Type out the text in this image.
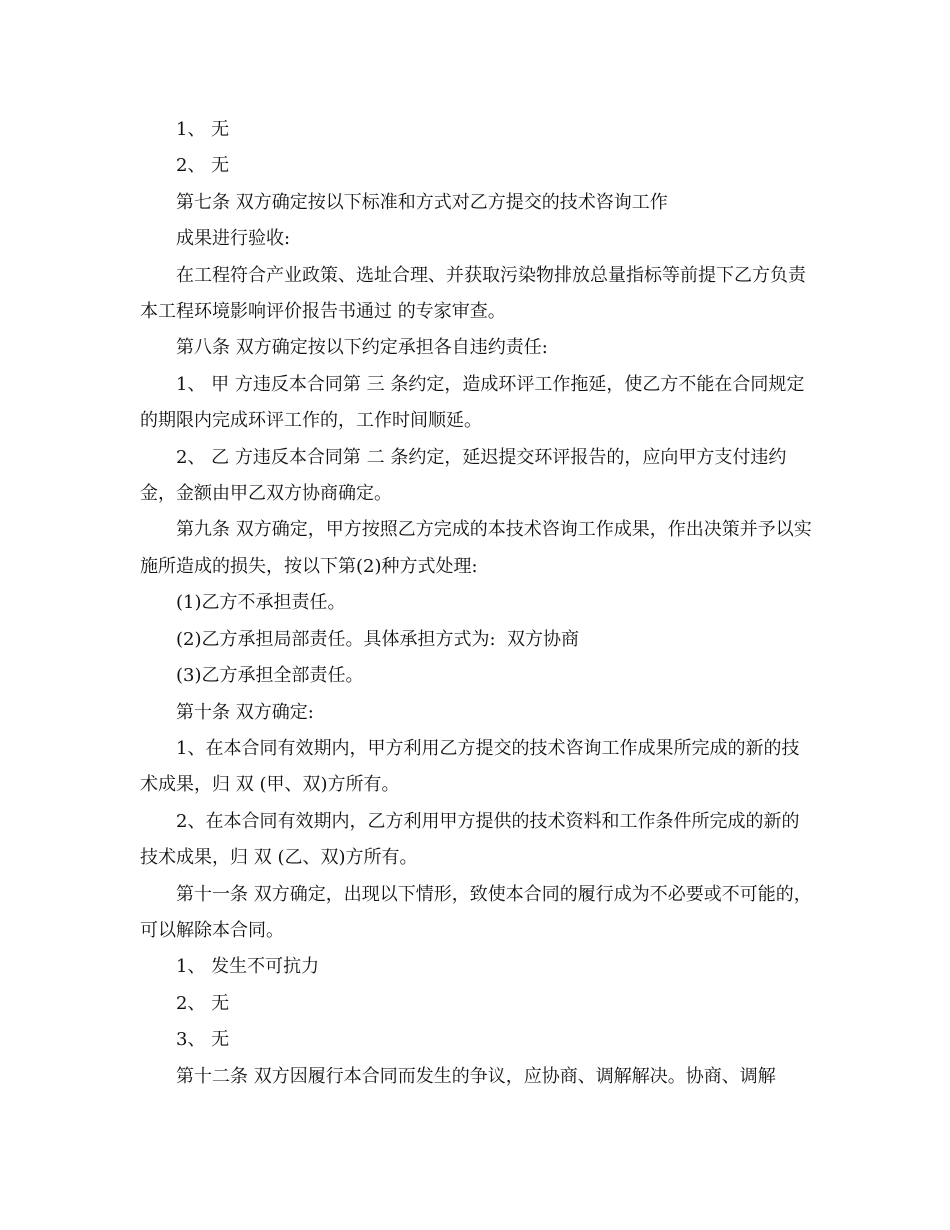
1、 无

2、 无

第七条 双方确定按以下标准和方式对乙方提交的技术咨询工作

成果进行验收:

在工程符合产业政策、选址合理、并获取污染物排放总量指标等前提下乙方负责本工程环境影响评价报告书通过 的专家审查。

第八条 双方确定按以下约定承担各自违约责任:

1、 甲 方违反本合同第 三 条约定，造成环评工作拖延，使乙方不能在合同规定的期限内完成环评工作的，工作时间顺延。

2、 乙 方违反本合同第 二 条约定，延迟提交环评报告的，应向甲方支付违约金，金额由甲乙双方协商确定。

第九条 双方确定，甲方按照乙方完成的本技术咨询工作成果，作出决策并予以实施所造成的损失，按以下第(2)种方式处理:

(1)乙方不承担责任。

(2)乙方承担局部责任。具体承担方式为:  双方协商

(3)乙方承担全部责任。

第十条 双方确定:

1、在本合同有效期内，甲方利用乙方提交的技术咨询工作成果所完成的新的技术成果，归 双 (甲、双)方所有。

2、在本合同有效期内，乙方利用甲方提供的技术资料和工作条件所完成的新的技术成果，归 双 (乙、双)方所有。

第十一条 双方确定，出现以下情形，致使本合同的履行成为不必要或不可能的，可以解除本合同。

1、 发生不可抗力

2、 无

3、 无

第十二条 双方因履行本合同而发生的争议，应协商、调解解决。协商、调解
